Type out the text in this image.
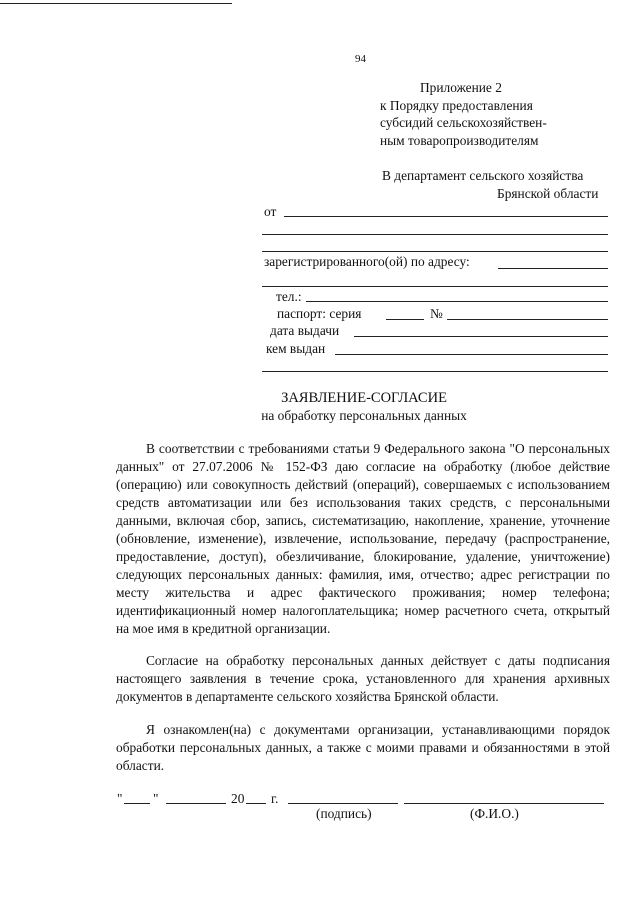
94
Приложение 2
к Порядку предоставления
субсидий сельскохозяйствен-
ным товаропроизводителям
В департамент сельского хозяйства
Брянской области
от
зарегистрированного(ой) по адресу:
тел.:
паспорт: серия	№
дата выдачи
кем выдан
ЗАЯВЛЕНИЕ-СОГЛАСИЕ
на обработку персональных данных
В соответствии с требованиями статьи 9 Федерального закона "О персональных данных" от 27.07.2006 № 152-ФЗ даю согласие на обработку (любое действие (операцию) или совокупность действий (операций), совершаемых с использованием средств автоматизации или без использования таких средств, с персональными данными, включая сбор, запись, систематизацию, накопление, хранение, уточнение (обновление, изменение), извлечение, использование, передачу (распространение, предоставление, доступ), обезличивание, блокирование, удаление, уничтожение) следующих персональных данных: фамилия, имя, отчество; адрес регистрации по месту жительства и адрес фактического проживания; номер телефона; идентификационный номер налогоплательщика; номер расчетного счета, открытый на мое имя в кредитной организации.
Согласие на обработку персональных данных действует с даты подписания настоящего заявления в течение срока, установленного для хранения архивных документов в департаменте сельского хозяйства Брянской области.
Я ознакомлен(на) с документами организации, устанавливающими порядок обработки персональных данных, а также с моими правами и обязанностями в этой области.
" "	20 г.
(подпись)	(Ф.И.О.)
